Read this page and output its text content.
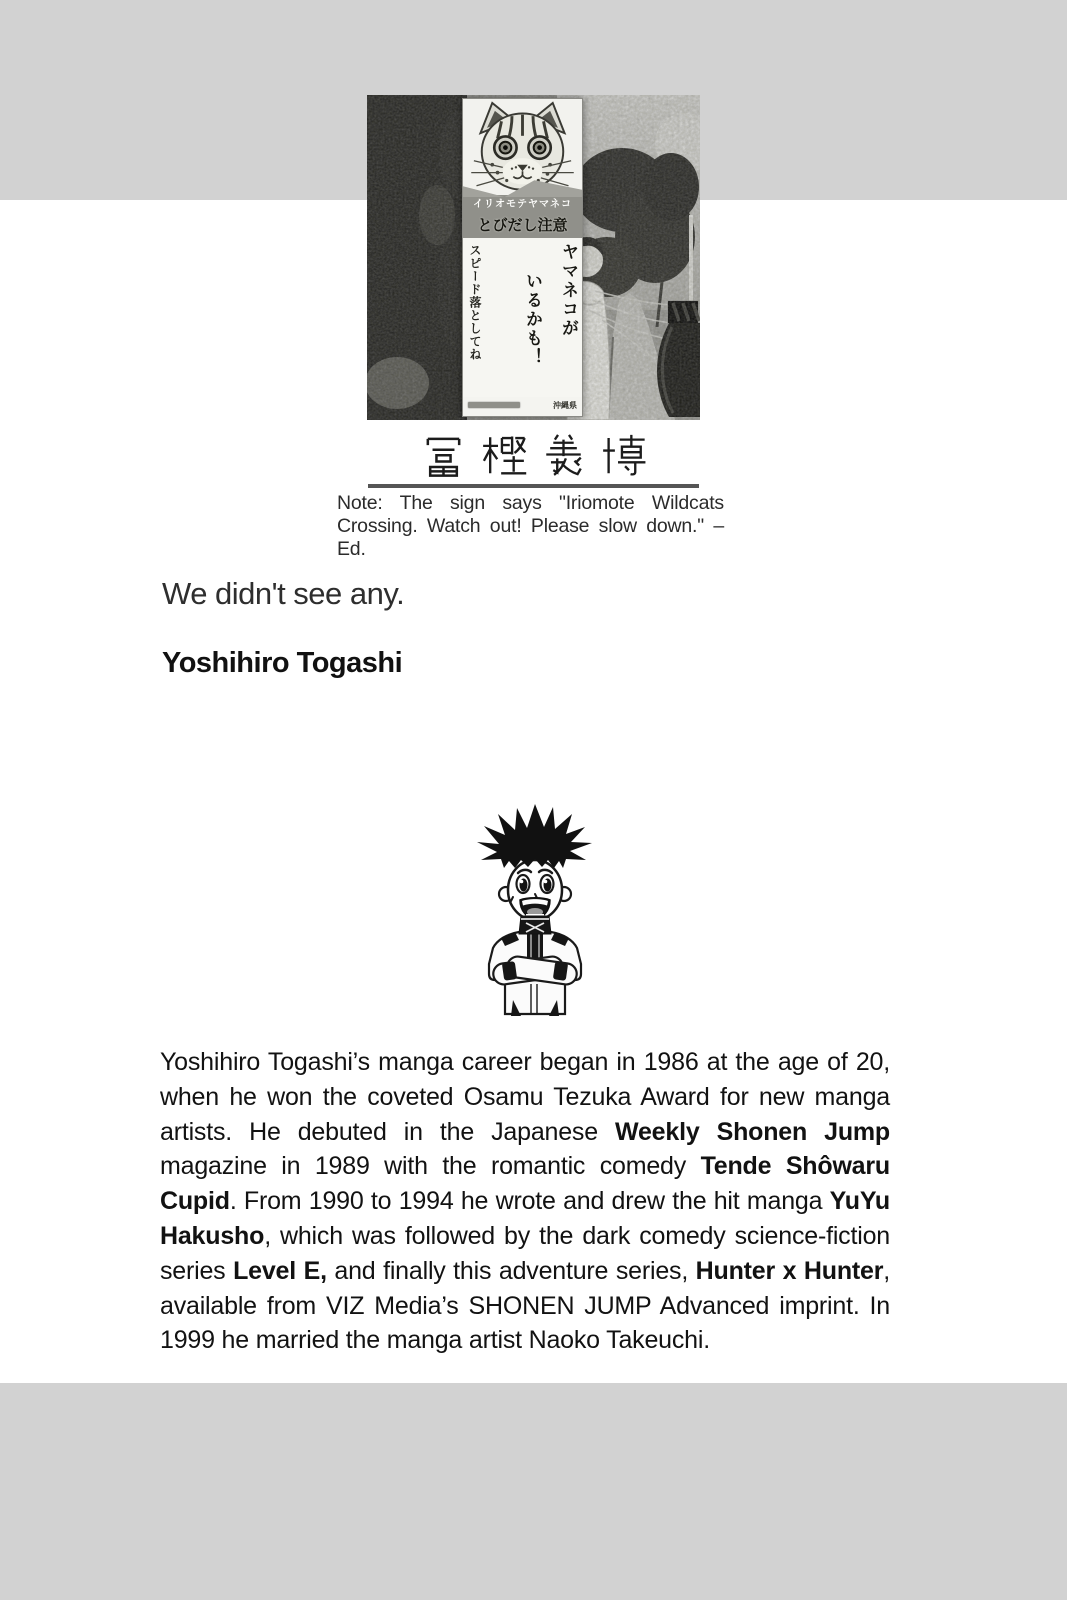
イリオモテヤマネコ
とびだし注意
ヤマネコが
いるかも！
スピード落としてね
沖縄県
Note: The sign says "Iriomote Wildcats Crossing. Watch out! Please slow down." –Ed.
We didn't see any.
Yoshihiro Togashi

Yoshihiro Togashi’s manga career began in 1986 at the age of 20, when he won the coveted Osamu Tezuka Award for new manga artists. He debuted in the Japanese Weekly Shonen Jump magazine in 1989 with the romantic comedy Tende Shôwaru Cupid. From 1990 to 1994 he wrote and drew the hit manga YuYu Hakusho, which was followed by the dark comedy science-fiction series Level E, and finally this adventure series, Hunter x Hunter, available from VIZ Media’s SHONEN JUMP Advanced imprint. In 1999 he married the manga artist Naoko Takeuchi.
